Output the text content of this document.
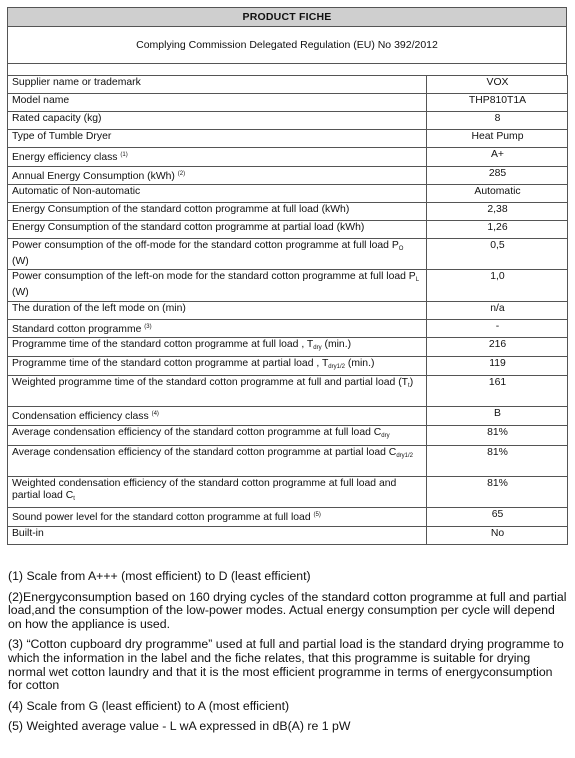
PRODUCT FICHE
Complying Commission Delegated Regulation (EU) No 392/2012
Supplier name or trademark	VOX
Model name	THP810T1A
Rated capacity (kg)	8
Type of Tumble Dryer	Heat Pump
Energy efficiency class $^{(1)}$	A+
Annual Energy Consumption (kWh) $^{(2)}$	285
Automatic of Non-automatic	Automatic
Energy Consumption of the standard cotton programme at full load (kWh)	2,38
Energy Consumption of the standard cotton programme at partial load (kWh)	1,26
Power consumption of the off-mode for the standard cotton programme at full load $P_O$ (W)	0,5
Power consumption of the left-on mode for the standard cotton programme at full load $P_L$ (W)	1,0
The duration of the left mode on (min)	n/a
Standard cotton programme $^{(3)}$	-
Programme time of the standard cotton programme at full load , $T_{dry}$ (min.)	216
Programme time of the standard cotton programme at partial load , $T_{dry1/2}$ (min.)	119
Weighted programme time of the standard cotton programme at full and partial load $(T_t)$	161
Condensation efficiency class $^{(4)}$	B
Average condensation efficiency of the standard cotton programme at full load $C_{dry}$	81%
Average condensation efficiency of the standard cotton programme at partial load $C_{dry1/2}$	81%
Weighted condensation efficiency of the standard cotton programme at full load and partial load $C_t$	81%
Sound power level for the standard cotton programme at full load $^{(5)}$	65
Built-in	No

(1) Scale from A+++ (most efficient) to D (least efficient)

(2)Energyconsumption based on 160 drying cycles of the standard cotton programme at full and partial load,and the consumption of the low-power modes. Actual energy consumption per cycle will depend on how the appliance is used.

(3) “Cotton cupboard dry programme” used at full and partial load is the standard drying programme to which the information in the label and the fiche relates, that this programme is suitable for drying normal wet cotton laundry and that it is the most efficient programme in terms of energyconsumption for cotton

(4) Scale from G (least efficient) to A (most efficient)

(5) Weighted average value - L wA expressed in dB(A) re 1 pW
